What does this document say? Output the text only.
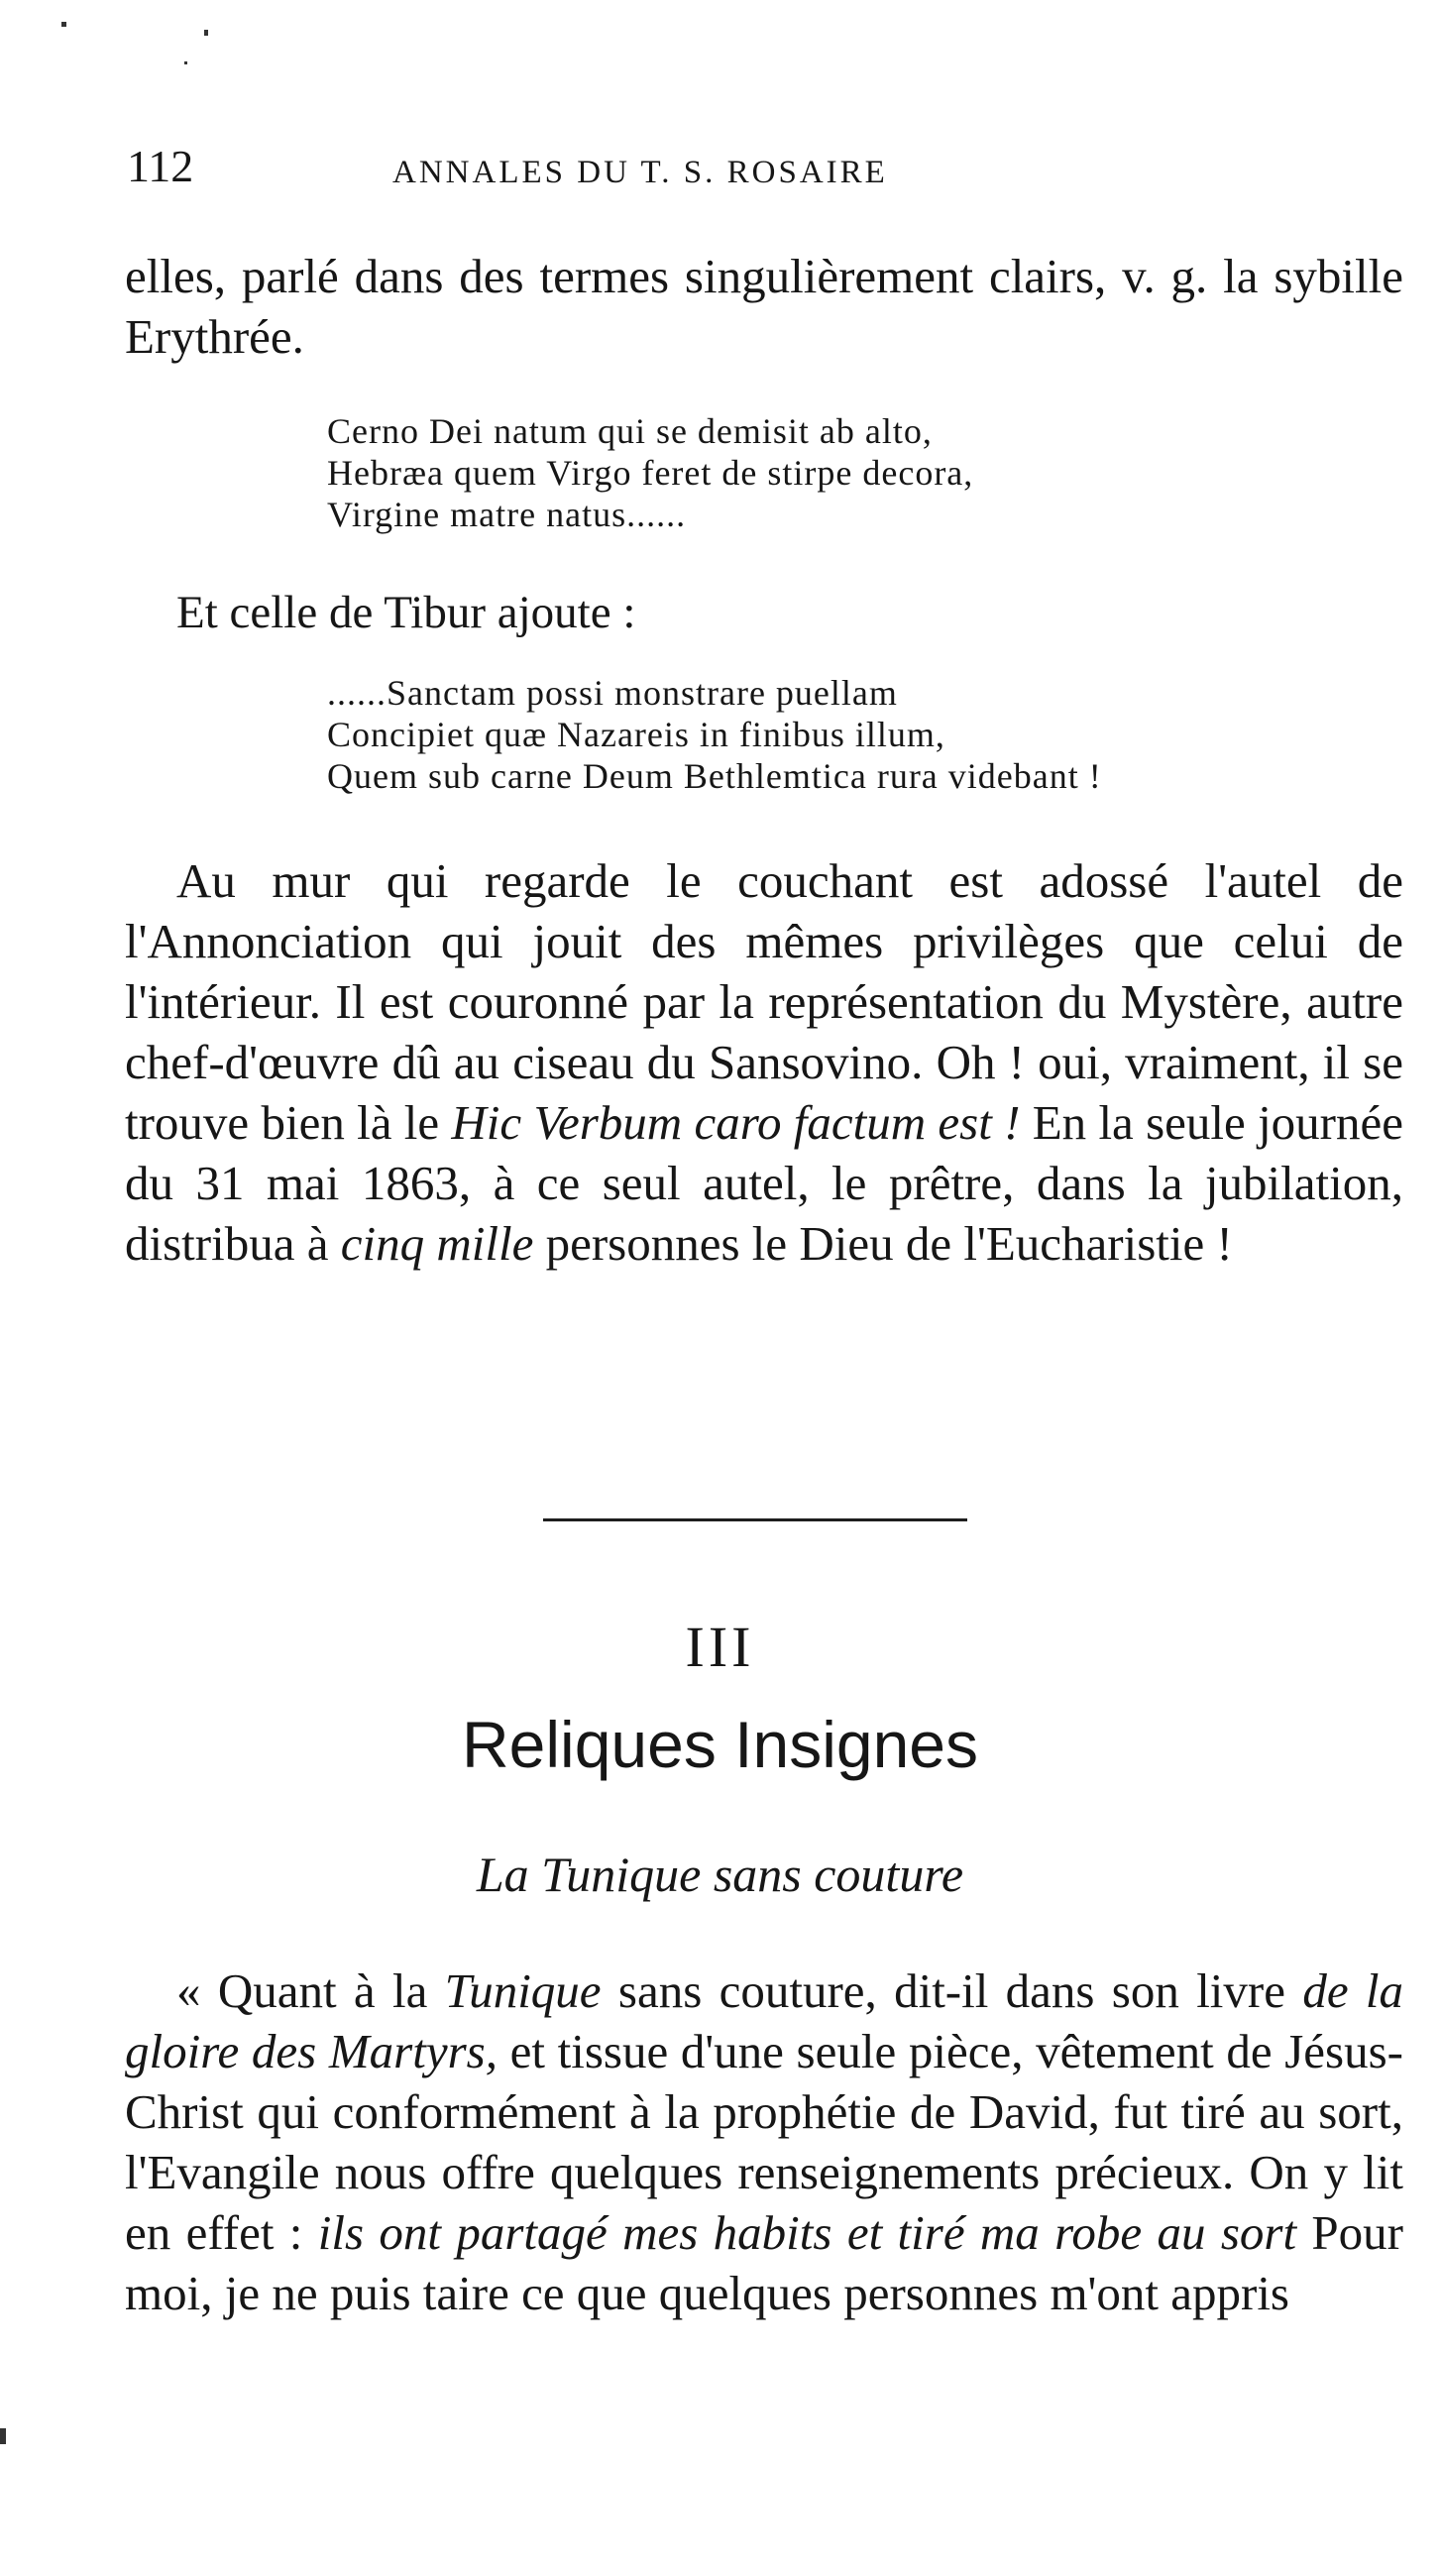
112	ANNALES DU T. S. ROSAIRE

elles, parlé dans des termes singulièrement clairs, v. g. la sybille Erythrée.

Cerno Dei natum qui se demisit ab alto,
Hebræa quem Virgo feret de stirpe decora,
Virgine matre natus......
Et celle de Tibur ajoute :
......Sanctam possi monstrare puellam
Concipiet quæ Nazareis in finibus illum,
Quem sub carne Deum Bethlemtica rura videbant !

Au mur qui regarde le couchant est adossé l'autel de l'Annonciation qui jouit des mêmes privilèges que celui de l'intérieur. Il est couronné par la représentation du Mystère, autre chef-d'œuvre dû au ciseau du Sansovino. Oh ! oui, vraiment, il se trouve bien là le Hic Verbum caro factum est ! En la seule journée du 31 mai 1863, à ce seul autel, le prêtre, dans la jubilation, distribua à cinq mille personnes le Dieu de l'Eucharistie !

III
Reliques Insignes
La Tunique sans couture

« Quant à la Tunique sans couture, dit-il dans son livre de la gloire des Martyrs, et tissue d'une seule pièce, vêtement de Jésus-Christ qui conformément à la prophétie de David, fut tiré au sort, l'Evangile nous offre quelques renseignements précieux. On y lit en effet : ils ont partagé mes habits et tiré ma robe au sort Pour moi, je ne puis taire ce que quelques personnes m'ont appris
